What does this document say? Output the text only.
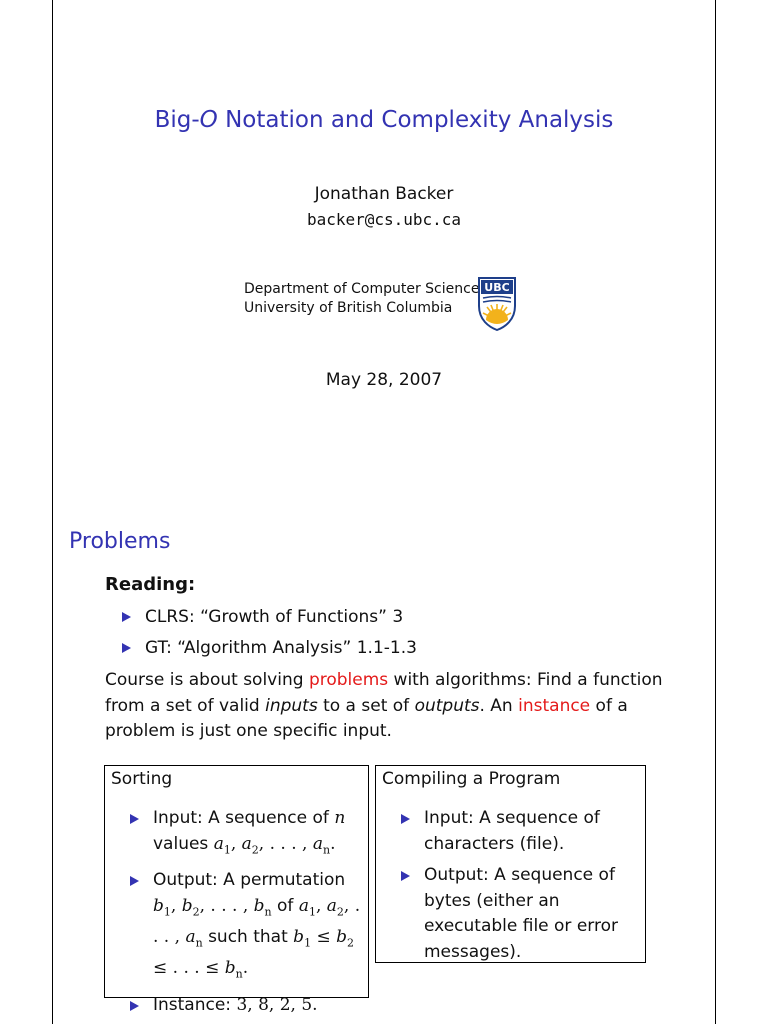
Big-O Notation and Complexity Analysis
Jonathan Backer
backer@cs.ubc.ca
Department of Computer Science
University of British Columbia
UBC
May 28, 2007
Problems
Reading:
CLRS: “Growth of Functions” 3
GT: “Algorithm Analysis” 1.1-1.3
Course is about solving problems with algorithms: Find a function from a set of valid inputs to a set of outputs. An instance of a problem is just one specific input.
Sorting
Input: A sequence of n values $a_1$, $a_2$, . . . , $a_n$.
Output: A permutation $b_1$, $b_2$, . . . , $b_n$ of $a_1$, $a_2$, . . . , $a_n$ such that $b_1 \le b_2$ ≤ . . . ≤ $b_n$.
Instance: 3, 8, 2, 5.
Compiling a Program
Input: A sequence of characters (file).
Output: A sequence of bytes (either an executable file or error messages).
